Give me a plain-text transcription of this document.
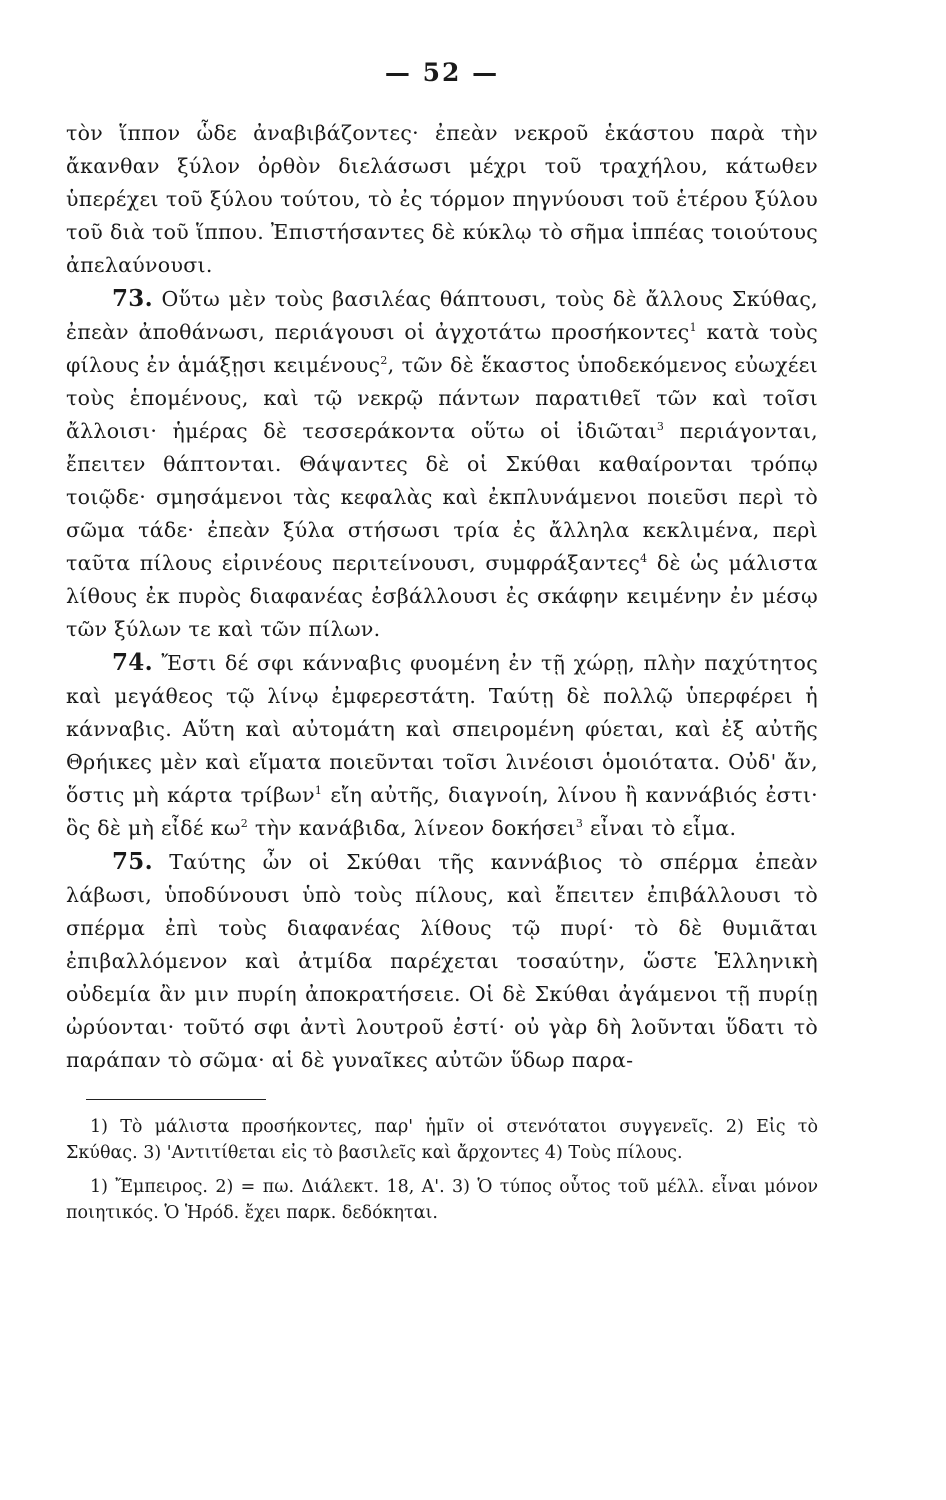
— 52 —

τὸν ἵππον ὧδε ἀναβιβάζοντες· ἐπεὰν νεκροῦ ἑκάστου παρὰ τὴν ἄκανθαν ξύλον ὀρθὸν διελάσωσι μέχρι τοῦ τραχήλου, κάτωθεν ὑπερέχει τοῦ ξύλου τούτου, τὸ ἐς τόρμον πηγνύουσι τοῦ ἑτέρου ξύλου τοῦ διὰ τοῦ ἵππου. Ἐπιστήσαντες δὲ κύκλῳ τὸ σῆμα ἱππέας τοιούτους ἀπελαύνουσι.

73. Οὕτω μὲν τοὺς βασιλέας θάπτουσι, τοὺς δὲ ἄλλους Σκύθας, ἐπεὰν ἀποθάνωσι, περιάγουσι οἱ ἀγχοτάτω προσήκοντες$^1$ κατὰ τοὺς φίλους ἐν ἁμάξῃσι κειμένους$^2$, τῶν δὲ ἕκαστος ὑποδεκόμενος εὐωχέει τοὺς ἑπομένους, καὶ τῷ νεκρῷ πάντων παρατιθεῖ τῶν καὶ τοῖσι ἄλλοισι· ἡμέρας δὲ τεσσεράκοντα οὕτω οἱ ἰδιῶται$^3$ περιάγονται, ἔπειτεν θάπτονται. Θάψαντες δὲ οἱ Σκύθαι καθαίρονται τρόπῳ τοιῷδε· σμησάμενοι τὰς κεφαλὰς καὶ ἐκπλυνάμενοι ποιεῦσι περὶ τὸ σῶμα τάδε· ἐπεὰν ξύλα στήσωσι τρία ἐς ἄλληλα κεκλιμένα, περὶ ταῦτα πίλους εἰρινέους περιτείνουσι, συμφράξαντες$^4$ δὲ ὡς μάλιστα λίθους ἐκ πυρὸς διαφανέας ἐσβάλλουσι ἐς σκάφην κειμένην ἐν μέσῳ τῶν ξύλων τε καὶ τῶν πίλων.

74. Ἔστι δέ σφι κάνναβις φυομένη ἐν τῇ χώρῃ, πλὴν παχύτητος καὶ μεγάθεος τῷ λίνῳ ἐμφερεστάτη. Ταύτῃ δὲ πολλῷ ὑπερφέρει ἡ κάνναβις. Αὕτη καὶ αὐτομάτη καὶ σπειρομένη φύεται, καὶ ἐξ αὐτῆς Θρήικες μὲν καὶ εἵματα ποιεῦνται τοῖσι λινέοισι ὁμοιότατα. Οὐδ' ἄν, ὅστις μὴ κάρτα τρίβων$^1$ εἴη αὐτῆς, διαγνοίη, λίνου ἢ καννάβιός ἐστι· ὃς δὲ μὴ εἶδέ $\kappa\omega^2$ τὴν κανάβιδα, λίνεον δοκήσει$^3$ εἶναι τὸ εἷμα.

75. Ταύτης ὦν οἱ Σκύθαι τῆς καννάβιος τὸ σπέρμα ἐπεὰν λάβωσι, ὑποδύνουσι ὑπὸ τοὺς πίλους, καὶ ἔπειτεν ἐπιβάλλουσι τὸ σπέρμα ἐπὶ τοὺς διαφανέας λίθους τῷ πυρί· τὸ δὲ θυμιᾶται ἐπιβαλλόμενον καὶ ἀτμίδα παρέχεται τοσαύτην, ὥστε Ἑλληνικὴ οὐδεμία ἂν μιν πυρίη ἀποκρατήσειε. Οἱ δὲ Σκύθαι ἀγάμενοι τῇ πυρίῃ ὠρύονται· τοῦτό σφι ἀντὶ λουτροῦ ἐστί· οὐ γὰρ δὴ λοῦνται ὕδατι τὸ παράπαν τὸ σῶμα· αἱ δὲ γυναῖκες αὐτῶν ὕδωρ παρα-

1) Τὸ μάλιστα προσήκοντες, παρ' ἡμῖν οἱ στενότατοι συγγενεῖς. 2) Εἰς τὸ Σκύθας. 3) 'Αντιτίθεται εἰς τὸ βασιλεῖς καὶ ἄρχοντες 4) Τοὺς πίλους.

1) Ἔμπειρος. 2) = πω. Διάλεκτ. 18, Α'. 3) Ὁ τύπος οὗτος τοῦ μέλλ. εἶναι μόνον ποιητικός. Ὁ Ἡρόδ. ἔχει παρκ. δεδόκηται.
